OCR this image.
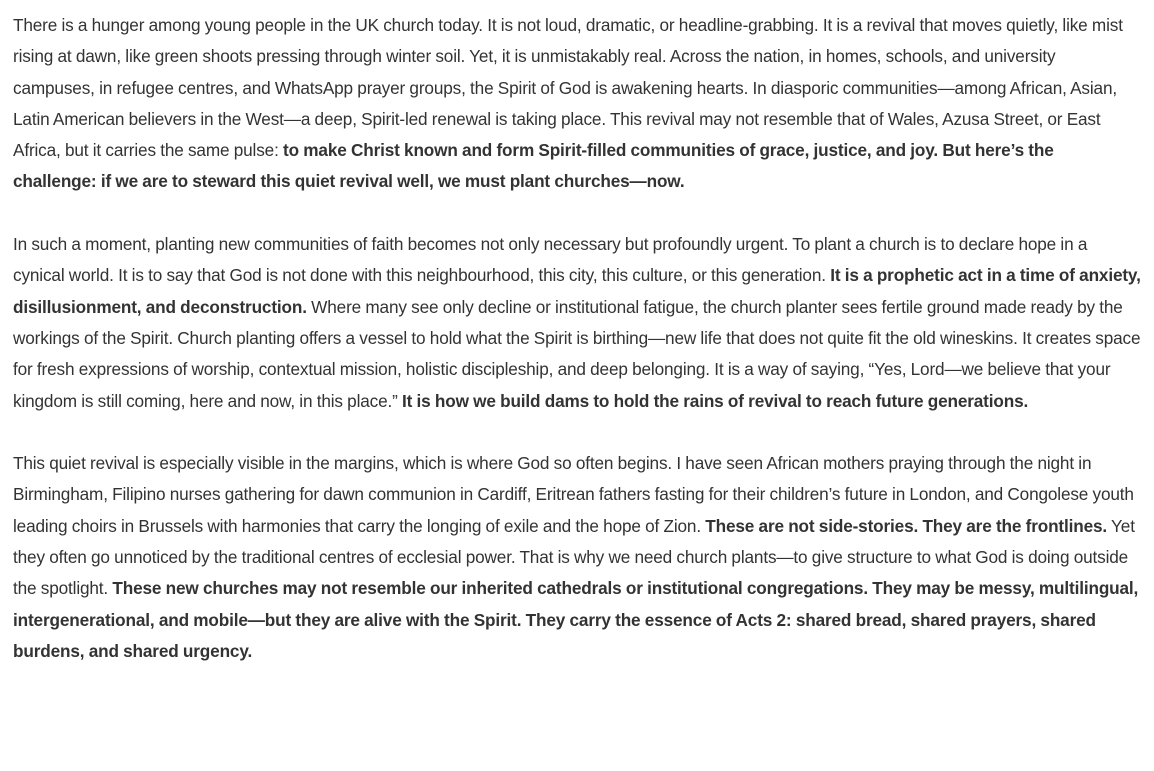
There is a hunger among young people in the UK church today. It is not loud, dramatic, or headline-grabbing. It is a revival that moves quietly, like mist rising at dawn, like green shoots pressing through winter soil. Yet, it is unmistakably real. Across the nation, in homes, schools, and university campuses, in refugee centres, and WhatsApp prayer groups, the Spirit of God is awakening hearts. In diasporic communities—among African, Asian, Latin American believers in the West—a deep, Spirit-led renewal is taking place. This revival may not resemble that of Wales, Azusa Street, or East Africa, but it carries the same pulse: to make Christ known and form Spirit-filled communities of grace, justice, and joy. But here’s the challenge: if we are to steward this quiet revival well, we must plant churches—now.

In such a moment, planting new communities of faith becomes not only necessary but profoundly urgent. To plant a church is to declare hope in a cynical world. It is to say that God is not done with this neighbourhood, this city, this culture, or this generation. It is a prophetic act in a time of anxiety, disillusionment, and deconstruction. Where many see only decline or institutional fatigue, the church planter sees fertile ground made ready by the workings of the Spirit. Church planting offers a vessel to hold what the Spirit is birthing—new life that does not quite fit the old wineskins. It creates space for fresh expressions of worship, contextual mission, holistic discipleship, and deep belonging. It is a way of saying, “Yes, Lord—we believe that your kingdom is still coming, here and now, in this place.” It is how we build dams to hold the rains of revival to reach future generations.

This quiet revival is especially visible in the margins, which is where God so often begins. I have seen African mothers praying through the night in Birmingham, Filipino nurses gathering for dawn communion in Cardiff, Eritrean fathers fasting for their children’s future in London, and Congolese youth leading choirs in Brussels with harmonies that carry the longing of exile and the hope of Zion. These are not side-stories. They are the frontlines. Yet they often go unnoticed by the traditional centres of ecclesial power. That is why we need church plants—to give structure to what God is doing outside the spotlight. These new churches may not resemble our inherited cathedrals or institutional congregations. They may be messy, multilingual, intergenerational, and mobile—but they are alive with the Spirit. They carry the essence of Acts 2: shared bread, shared prayers, shared burdens, and shared urgency.
